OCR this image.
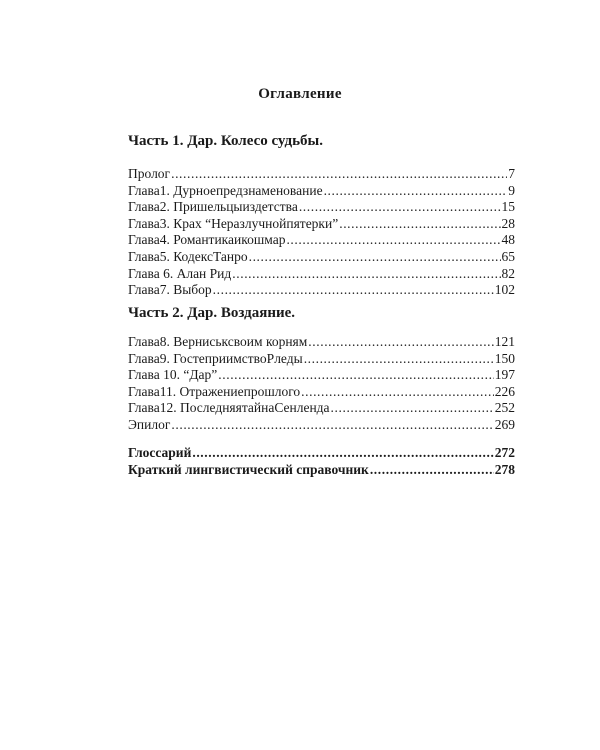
Оглавление
Часть 1. Дар. Колесо судьбы.
Пролог .....	7
Глава1. Дурноепредзнаменование .....	9
Глава2. Пришельцыиздетства .....	15
Глава3. Крах “Неразлучнойпятерки” .....	28
Глава4. Романтикаикошмар .....	48
Глава5. КодексТанро .....	65
Глава 6. Алан Рид .....	82
Глава7. Выбор .....	102
Часть 2. Дар. Воздаяние.
Глава8. Верниськсвоим корням .....	121
Глава9. ГостеприимствоРледы .....	150
Глава 10. “Дар” .....	197
Глава11. Отражениепрошлого .....	226
Глава12. ПоследняятайнаСенленда .....	252
Эпилог .....	269
Глоссарий .....	272
Краткий лингвистический справочник .....	278
